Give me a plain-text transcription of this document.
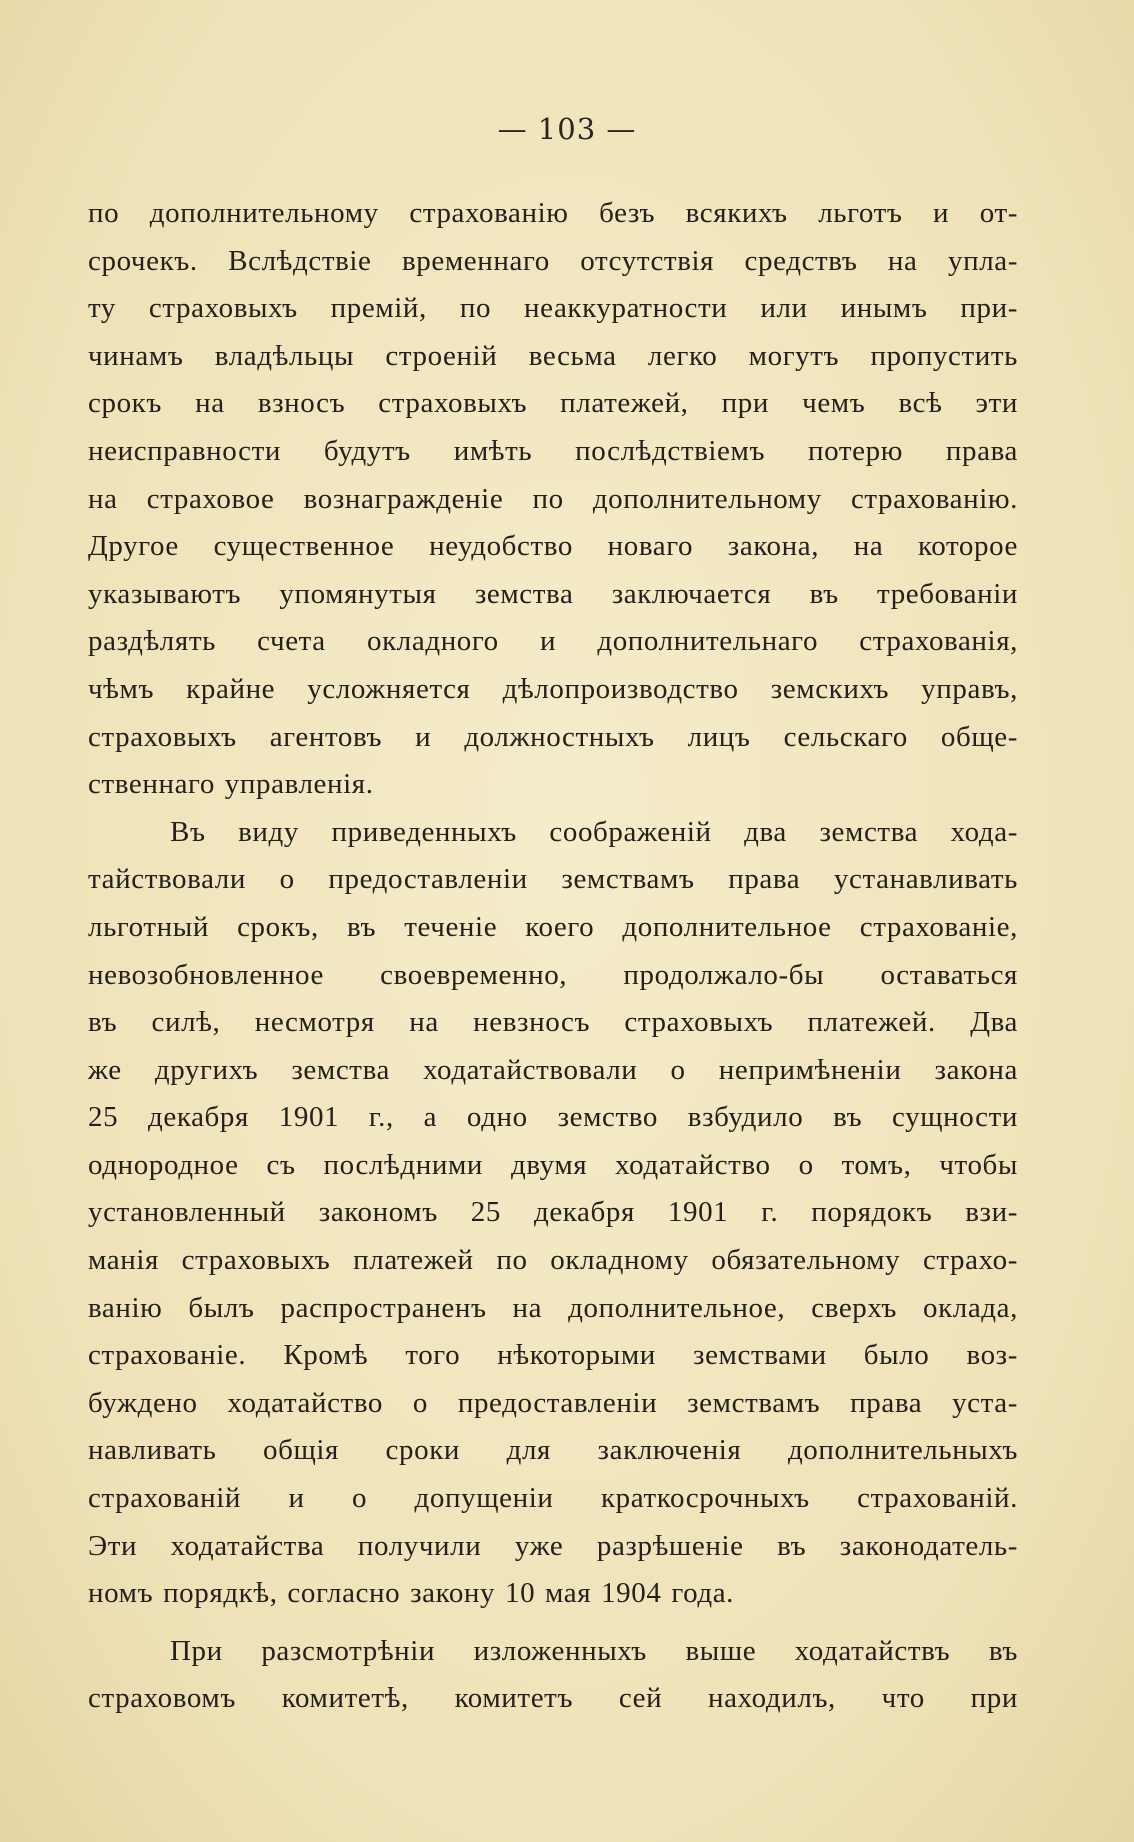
— 103 —
по дополнительному страхованію безъ всякихъ льготъ и от-
срочекъ. Вслѣдствіе временнаго отсутствія средствъ на упла-
ту страховыхъ премій, по неаккуратности или инымъ при-
чинамъ владѣльцы строеній весьма легко могутъ пропустить
срокъ на взносъ страховыхъ платежей, при чемъ всѣ эти
неисправности будутъ имѣть послѣдствіемъ потерю права
на страховое вознагражденіе по дополнительному страхованію.
Другое существенное неудобство новаго закона, на которое
указываютъ упомянутыя земства заключается въ требованіи
раздѣлять счета окладного и дополнительнаго страхованія,
чѣмъ крайне усложняется дѣлопроизводство земскихъ управъ,
страховыхъ агентовъ и должностныхъ лицъ сельскаго обще-
ственнаго управленія.
Въ виду приведенныхъ соображеній два земства хода-
тайствовали о предоставленіи земствамъ права устанавливать
льготный срокъ, въ теченіе коего дополнительное страхованіе,
невозобновленное своевременно, продолжало-бы оставаться
въ силѣ, несмотря на невзносъ страховыхъ платежей. Два
же другихъ земства ходатайствовали о непримѣненіи закона
25 декабря 1901 г., а одно земство взбудило въ сущности
однородное съ послѣдними двумя ходатайство о томъ, чтобы
установленный закономъ 25 декабря 1901 г. порядокъ взи-
манія страховыхъ платежей по окладному обязательному страхо-
ванію былъ распространенъ на дополнительное, сверхъ оклада,
страхованіе. Кромѣ того нѣкоторыми земствами было воз-
буждено ходатайство о предоставленіи земствамъ права уста-
навливать общія сроки для заключенія дополнительныхъ
страхованій и о допущеніи краткосрочныхъ страхованій.
Эти ходатайства получили уже разрѣшеніе въ законодатель-
номъ порядкѣ, согласно закону 10 мая 1904 года.
При разсмотрѣніи изложенныхъ выше ходатайствъ въ
страховомъ комитетѣ, комитетъ сей находилъ, что при
